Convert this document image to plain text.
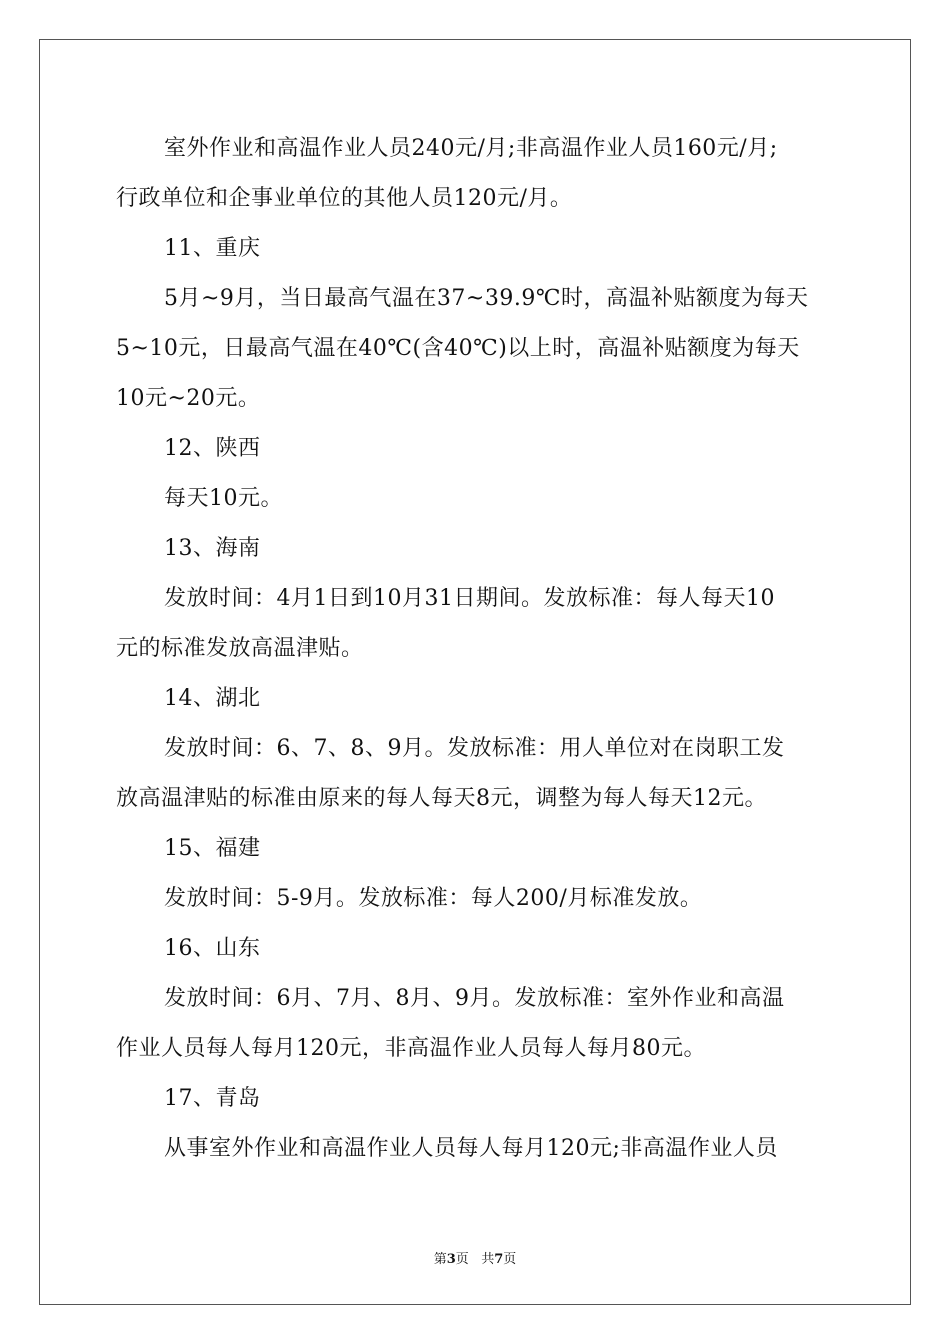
室外作业和高温作业人员240元/月;非高温作业人员160元/月;
行政单位和企事业单位的其他人员120元/月。
11、重庆
5月~9月，当日最高气温在37~39.9℃时，高温补贴额度为每天
5~10元，日最高气温在40℃(含40℃)以上时，高温补贴额度为每天
10元~20元。
12、陕西
每天10元。
13、海南
发放时间：4月1日到10月31日期间。发放标准：每人每天10
元的标准发放高温津贴。
14、湖北
发放时间：6、7、8、9月。发放标准：用人单位对在岗职工发
放高温津贴的标准由原来的每人每天8元，调整为每人每天12元。
15、福建
发放时间：5-9月。发放标准：每人200/月标准发放。
16、山东
发放时间：6月、7月、8月、9月。发放标准：室外作业和高温
作业人员每人每月120元，非高温作业人员每人每月80元。
17、青岛
从事室外作业和高温作业人员每人每月120元;非高温作业人员
第3页 共7页
